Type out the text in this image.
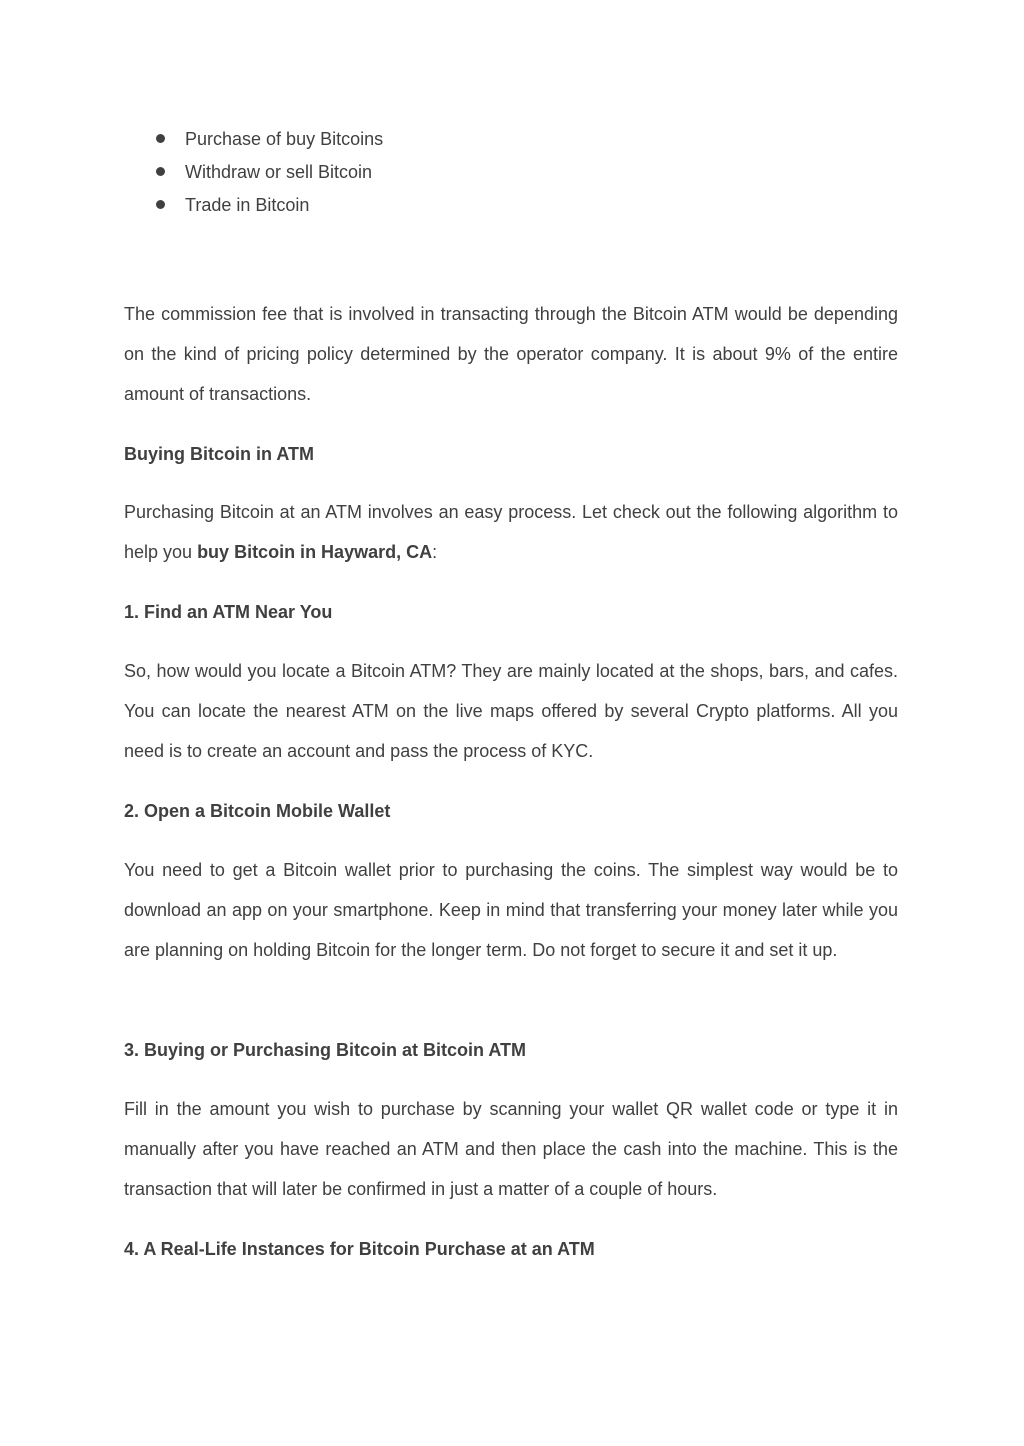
Purchase of buy Bitcoins
Withdraw or sell Bitcoin
Trade in Bitcoin

The commission fee that is involved in transacting through the Bitcoin ATM would be depending on the kind of pricing policy determined by the operator company. It is about 9% of the entire amount of transactions.

Buying Bitcoin in ATM

Purchasing Bitcoin at an ATM involves an easy process. Let check out the following algorithm to help you buy Bitcoin in Hayward, CA:

1. Find an ATM Near You

So, how would you locate a Bitcoin ATM? They are mainly located at the shops, bars, and cafes. You can locate the nearest ATM on the live maps offered by several Crypto platforms. All you need is to create an account and pass the process of KYC.

2. Open a Bitcoin Mobile Wallet

You need to get a Bitcoin wallet prior to purchasing the coins. The simplest way would be to download an app on your smartphone. Keep in mind that transferring your money later while you are planning on holding Bitcoin for the longer term. Do not forget to secure it and set it up.

3. Buying or Purchasing Bitcoin at Bitcoin ATM

Fill in the amount you wish to purchase by scanning your wallet QR wallet code or type it in manually after you have reached an ATM and then place the cash into the machine. This is the transaction that will later be confirmed in just a matter of a couple of hours.

4. A Real-Life Instances for Bitcoin Purchase at an ATM
